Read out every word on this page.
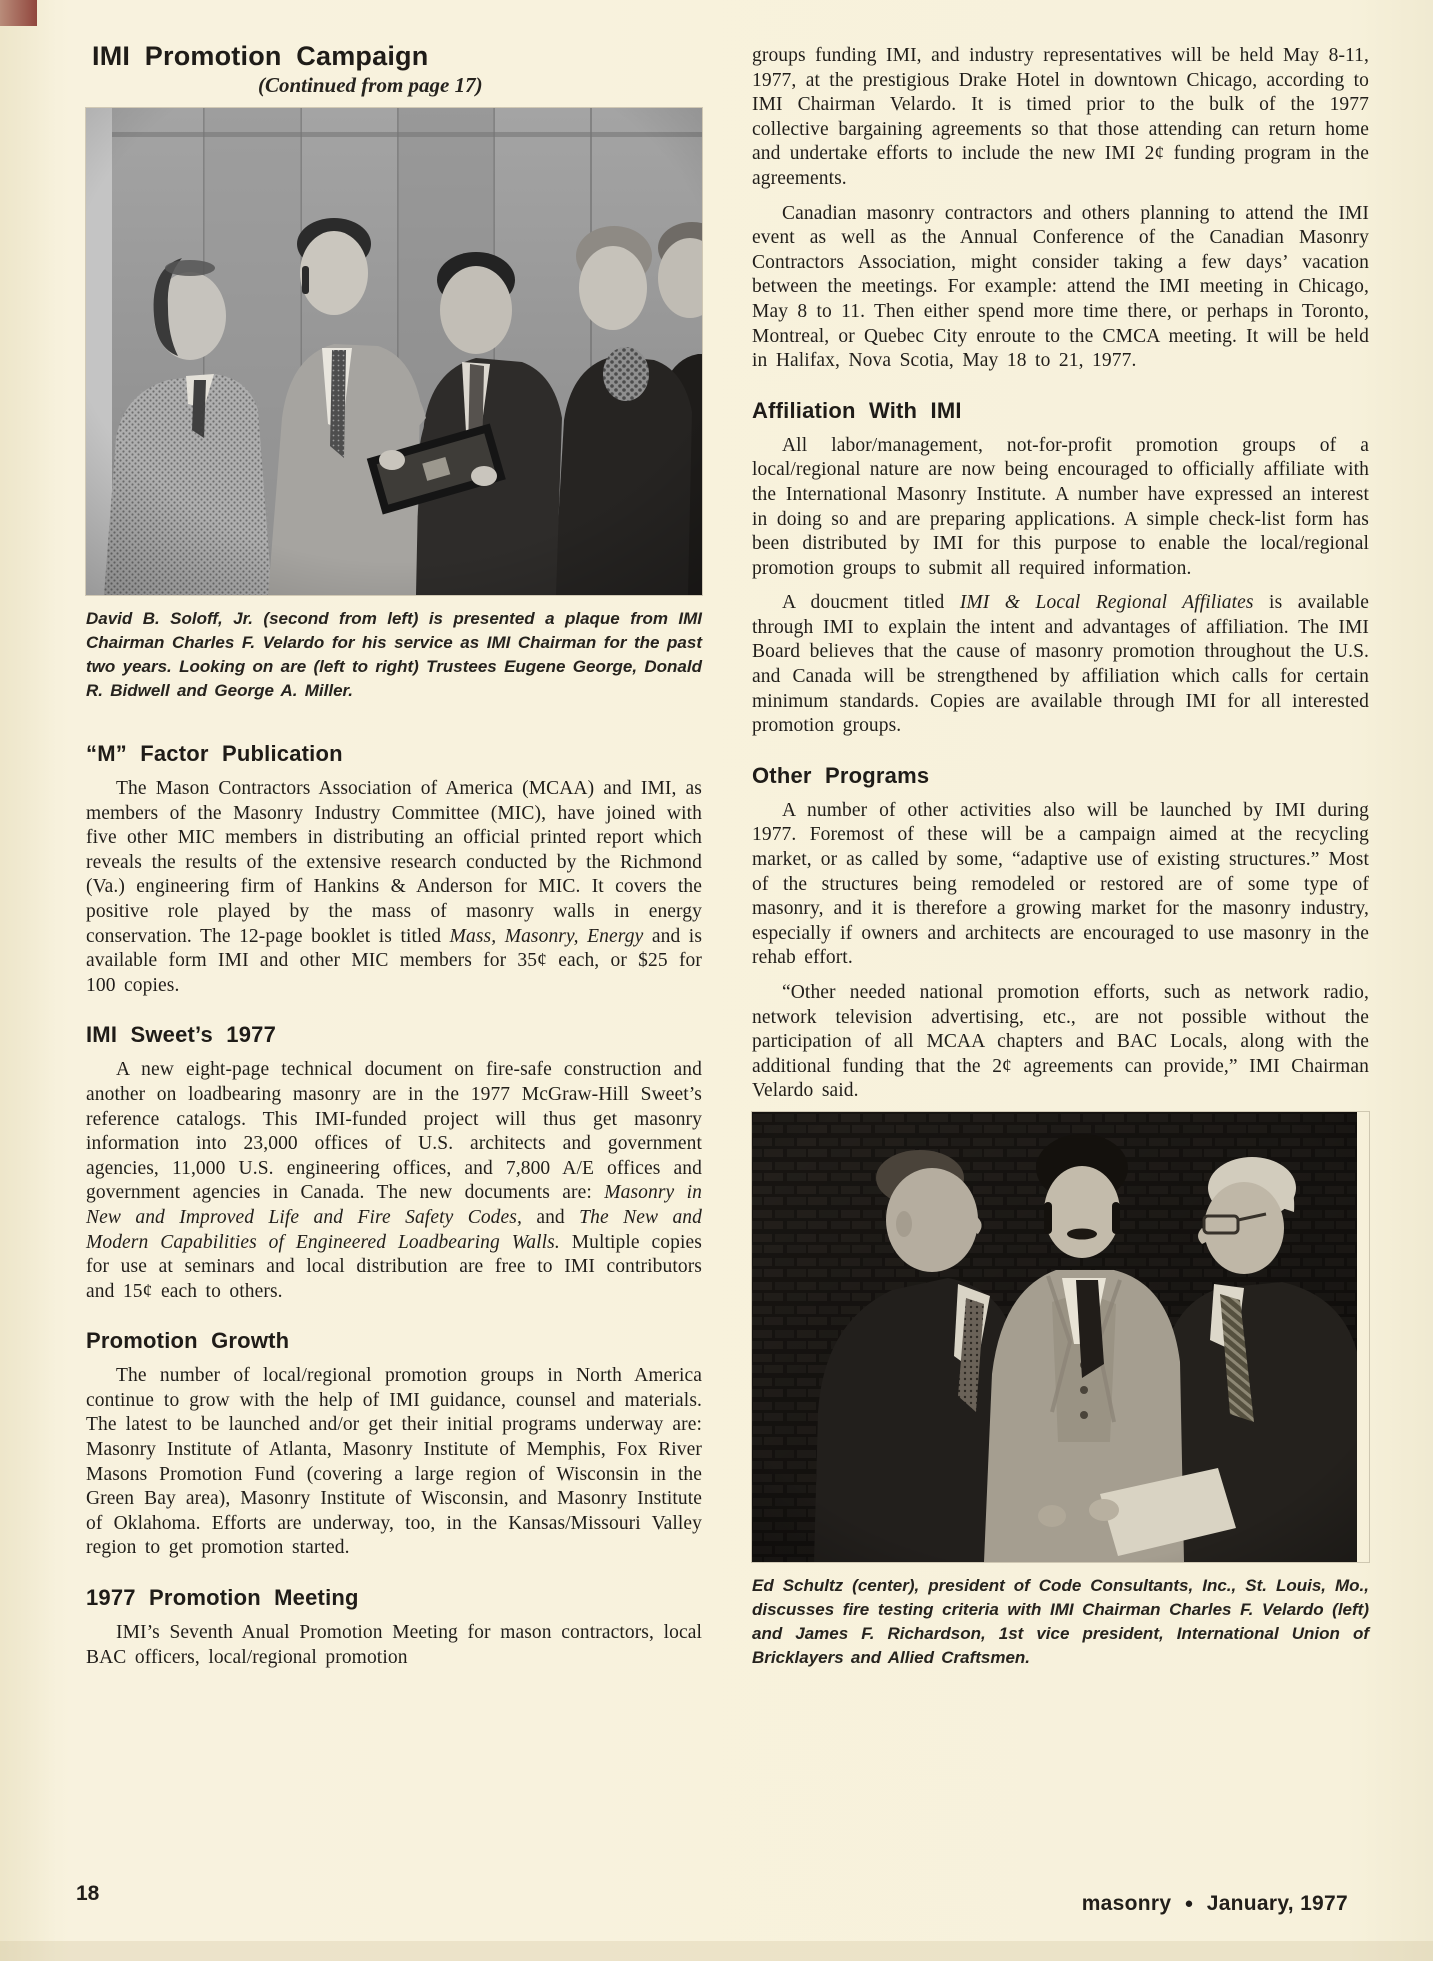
IMI Promotion Campaign
(Continued from page 17)

David B. Soloff, Jr. (second from left) is presented a plaque from IMI Chairman Charles F. Velardo for his service as IMI Chairman for the past two years. Looking on are (left to right) Trustees Eugene George, Donald R. Bidwell and George A. Miller.

“M” Factor Publication

The Mason Contractors Association of America (MCAA) and IMI, as members of the Masonry Industry Committee (MIC), have joined with five other MIC members in distributing an official printed report which reveals the results of the extensive research conducted by the Richmond (Va.) engineering firm of Hankins & Anderson for MIC. It covers the positive role played by the mass of masonry walls in energy conservation. The 12-page booklet is titled Mass, Masonry, Energy and is available form IMI and other MIC members for 35¢ each, or $25 for 100 copies.

IMI Sweet’s 1977

A new eight-page technical document on fire-safe construction and another on loadbearing masonry are in the 1977 McGraw-Hill Sweet’s reference catalogs. This IMI-funded project will thus get masonry information into 23,000 offices of U.S. architects and government agencies, 11,000 U.S. engineering offices, and 7,800 A/E offices and government agencies in Canada. The new documents are: Masonry in New and Improved Life and Fire Safety Codes, and The New and Modern Capabilities of Engineered Loadbearing Walls. Multiple copies for use at seminars and local distribution are free to IMI contributors and 15¢ each to others.

Promotion Growth

The number of local/regional promotion groups in North America continue to grow with the help of IMI guidance, counsel and materials. The latest to be launched and/or get their initial programs underway are: Masonry Institute of Atlanta, Masonry Institute of Memphis, Fox River Masons Promotion Fund (covering a large region of Wisconsin in the Green Bay area), Masonry Institute of Wisconsin, and Masonry Institute of Oklahoma. Efforts are underway, too, in the Kansas/Missouri Valley region to get promotion started.

1977 Promotion Meeting

IMI’s Seventh Anual Promotion Meeting for mason contractors, local BAC officers, local/regional promotion

groups funding IMI, and industry representatives will be held May 8-11, 1977, at the prestigious Drake Hotel in downtown Chicago, according to IMI Chairman Velardo. It is timed prior to the bulk of the 1977 collective bargaining agreements so that those attending can return home and undertake efforts to include the new IMI 2¢ funding program in the agreements.

Canadian masonry contractors and others planning to attend the IMI event as well as the Annual Conference of the Canadian Masonry Contractors Association, might consider taking a few days’ vacation between the meetings. For example: attend the IMI meeting in Chicago, May 8 to 11. Then either spend more time there, or perhaps in Toronto, Montreal, or Quebec City enroute to the CMCA meeting. It will be held in Halifax, Nova Scotia, May 18 to 21, 1977.

Affiliation With IMI

All labor/management, not-for-profit promotion groups of a local/regional nature are now being encouraged to officially affiliate with the International Masonry Institute. A number have expressed an interest in doing so and are preparing applications. A simple check-list form has been distributed by IMI for this purpose to enable the local/regional promotion groups to submit all required information.

A doucment titled IMI & Local Regional Affiliates is available through IMI to explain the intent and advantages of affiliation. The IMI Board believes that the cause of masonry promotion throughout the U.S. and Canada will be strengthened by affiliation which calls for certain minimum standards. Copies are available through IMI for all interested promotion groups.

Other Programs

A number of other activities also will be launched by IMI during 1977. Foremost of these will be a campaign aimed at the recycling market, or as called by some, “adaptive use of existing structures.” Most of the structures being remodeled or restored are of some type of masonry, and it is therefore a growing market for the masonry industry, especially if owners and architects are encouraged to use masonry in the rehab effort.

“Other needed national promotion efforts, such as network radio, network television advertising, etc., are not possible without the participation of all MCAA chapters and BAC Locals, along with the additional funding that the 2¢ agreements can provide,” IMI Chairman Velardo said.

Ed Schultz (center), president of Code Consultants, Inc., St. Louis, Mo., discusses fire testing criteria with IMI Chairman Charles F. Velardo (left) and James F. Richardson, 1st vice president, International Union of Bricklayers and Allied Craftsmen.

18	masonry ● January, 1977
